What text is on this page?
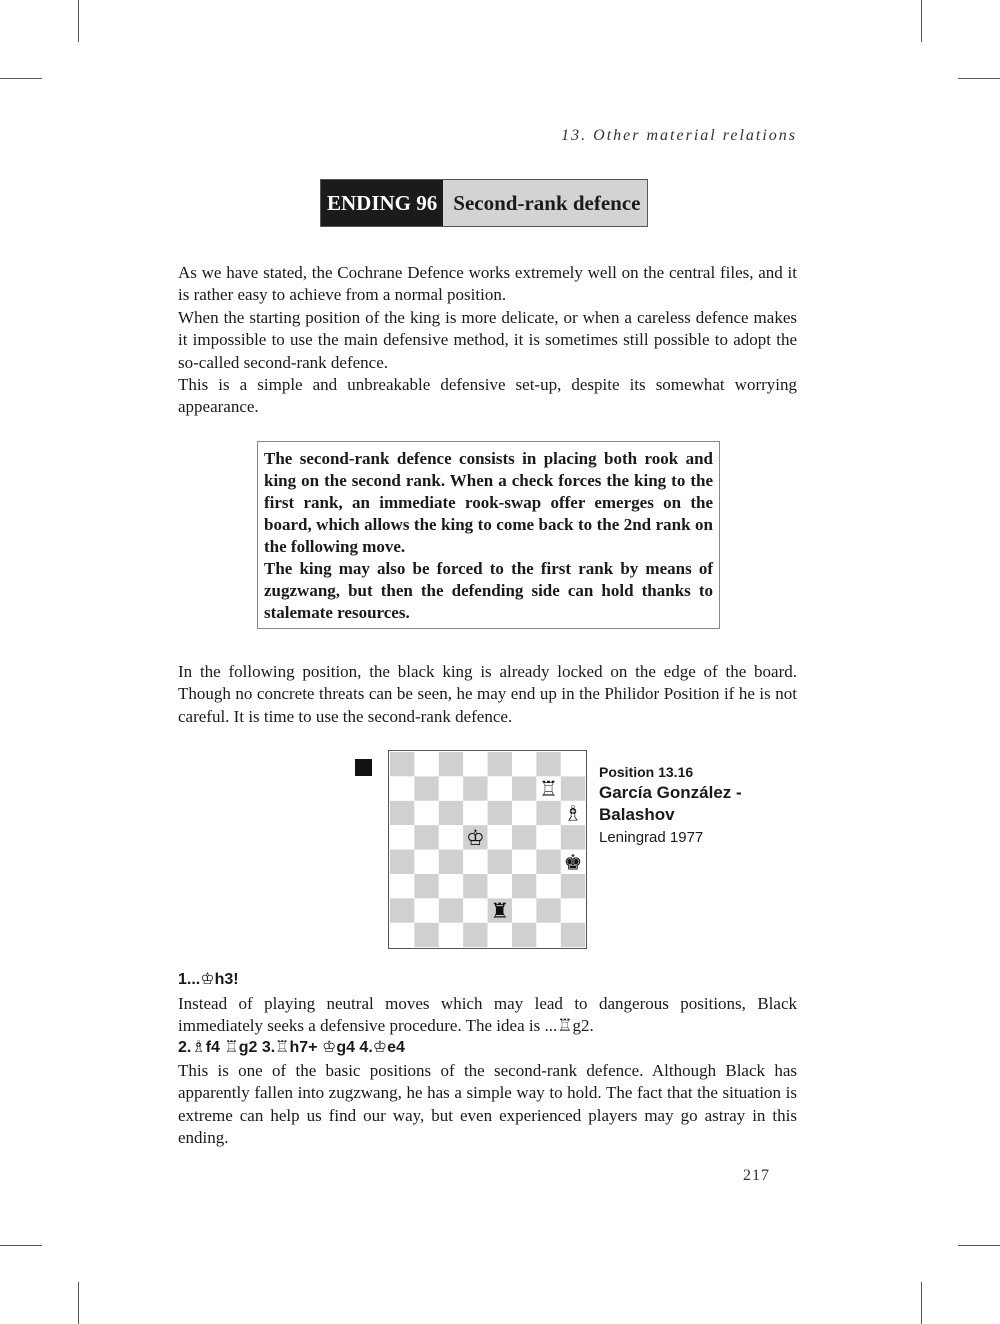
13. Other material relations
ENDING 96 Second-rank defence

As we have stated, the Cochrane Defence works extremely well on the central files, and it is rather easy to achieve from a normal position.

When the starting position of the king is more delicate, or when a careless defence makes it impossible to use the main defensive method, it is sometimes still possible to adopt the so-called second-rank defence.

This is a simple and unbreakable defensive set-up, despite its somewhat worrying appearance.

The second-rank defence consists in placing both rook and king on the second rank. When a check forces the king to the first rank, an immediate rook-swap offer emerges on the board, which allows the king to come back to the 2nd rank on the following move.

The king may also be forced to the first rank by means of zugzwang, but then the defending side can hold thanks to stalemate resources.

In the following position, the black king is already locked on the edge of the board. Though no concrete threats can be seen, he may end up in the Philidor Position if he is not careful. It is time to use the second-rank defence.

♖
♗
♔
♚
♜
Position 13.16
García González - Balashov
Leningrad 1977
1...♔h3!

Instead of playing neutral moves which may lead to dangerous positions, Black immediately seeks a defensive procedure. The idea is ...♖g2.

2.♗f4 ♖g2 3.♖h7+ ♔g4 4.♔e4

This is one of the basic positions of the second-rank defence. Although Black has apparently fallen into zugzwang, he has a simple way to hold. The fact that the situation is extreme can help us find our way, but even experienced players may go astray in this ending.

217
